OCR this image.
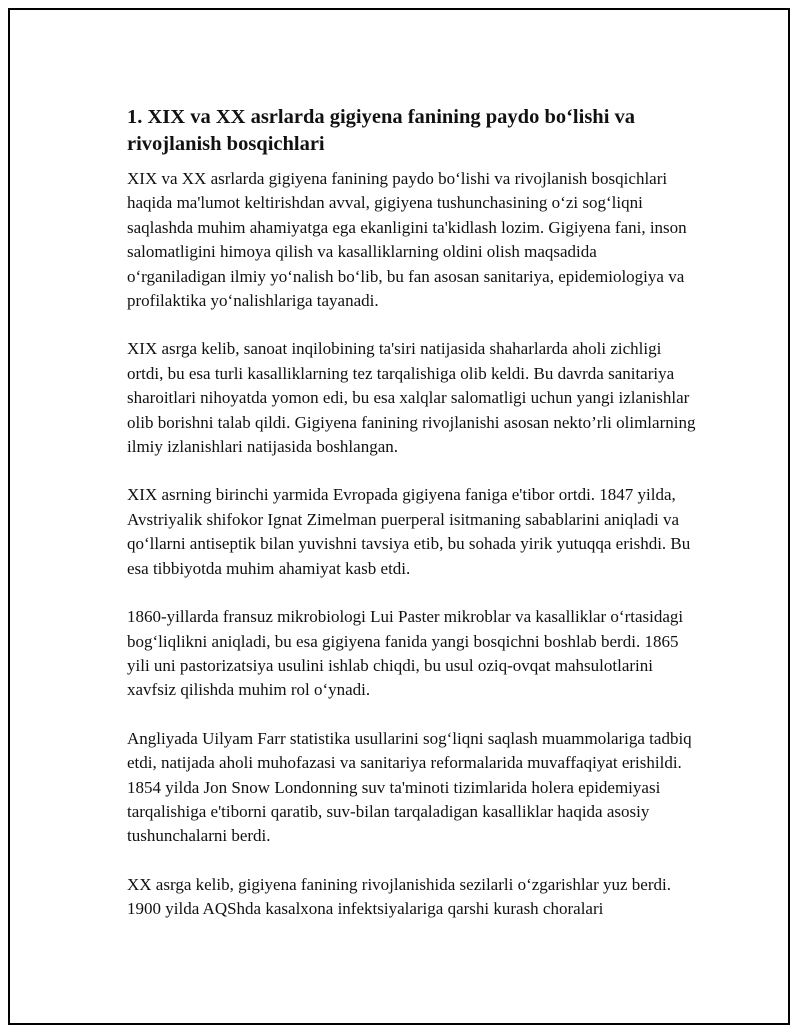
1. XIX va XX asrlarda gigiyena fanining paydo bo‘lishi va rivojlanish bosqichlari

XIX va XX asrlarda gigiyena fanining paydo bo‘lishi va rivojlanish bosqichlari haqida ma'lumot keltirishdan avval, gigiyena tushunchasining o‘zi sog‘liqni saqlashda muhim ahamiyatga ega ekanligini ta'kidlash lozim. Gigiyena fani, inson salomatligini himoya qilish va kasalliklarning oldini olish maqsadida o‘rganiladigan ilmiy yo‘nalish bo‘lib, bu fan asosan sanitariya, epidemiologiya va profilaktika yo‘nalishlariga tayanadi.

XIX asrga kelib, sanoat inqilobining ta'siri natijasida shaharlarda aholi zichligi ortdi, bu esa turli kasalliklarning tez tarqalishiga olib keldi. Bu davrda sanitariya sharoitlari nihoyatda yomon edi, bu esa xalqlar salomatligi uchun yangi izlanishlar olib borishni talab qildi. Gigiyena fanining rivojlanishi asosan nekto’rli olimlarning ilmiy izlanishlari natijasida boshlangan.

XIX asrning birinchi yarmida Evropada gigiyena faniga e'tibor ortdi. 1847 yilda, Avstriyalik shifokor Ignat Zimelman puerperal isitmaning sabablarini aniqladi va qo‘llarni antiseptik bilan yuvishni tavsiya etib, bu sohada yirik yutuqqa erishdi. Bu esa tibbiyotda muhim ahamiyat kasb etdi.

1860-yillarda fransuz mikrobiologi Lui Paster mikroblar va kasalliklar o‘rtasidagi bog‘liqlikni aniqladi, bu esa gigiyena fanida yangi bosqichni boshlab berdi. 1865 yili uni pastorizatsiya usulini ishlab chiqdi, bu usul oziq-ovqat mahsulotlarini xavfsiz qilishda muhim rol o‘ynadi.

Angliyada Uilyam Farr statistika usullarini sog‘liqni saqlash muammolariga tadbiq etdi, natijada aholi muhofazasi va sanitariya reformalarida muvaffaqiyat erishildi. 1854 yilda Jon Snow Londonning suv ta'minoti tizimlarida holera epidemiyasi tarqalishiga e'tiborni qaratib, suv-bilan tarqaladigan kasalliklar haqida asosiy tushunchalarni berdi.

XX asrga kelib, gigiyena fanining rivojlanishida sezilarli o‘zgarishlar yuz berdi. 1900 yilda AQShda kasalxona infektsiyalariga qarshi kurash choralari
